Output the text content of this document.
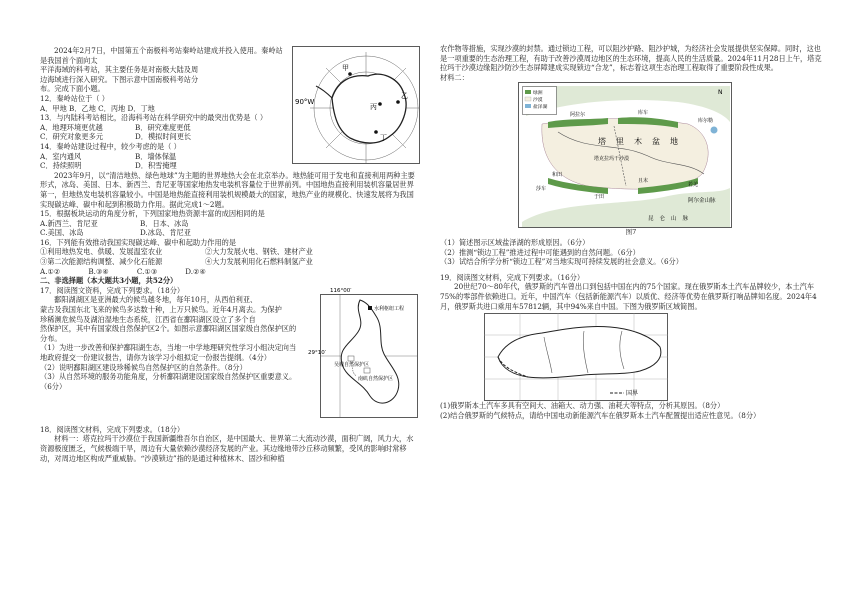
90°W
甲
乙
丙
丁

2024年2月7日，中国第五个南极科考站秦岭站建成并投入使用。秦岭站是我国首个面向太

平洋海域的科考站，其主要任务是对南极大陆及周

边海域进行深入研究。下图示意中国南极科考站分

布。完成下面小题。

12．秦岭站位于（ ）

A．甲地 B．乙地 C．丙地 D．丁地

13．与内陆科考站相比，沿海科考站在科学研究中的最突出优势是（ ）

A．地理环境更优越	B．研究难度更低
C．研究对象更多元	D．模拟时间更长

14．秦岭站建设过程中，较少考虑的是（ ）

A．室内通风	B．墙体保温
C．持续照明	D．积雪掩埋

2023年9月，以“清洁地热、绿色地球”为主题的世界地热大会在北京举办。地热能可用于发电和直接利用两种主要形式，冰岛、美国、日本、新西兰、肯尼亚等国家地热发电装机容量位于世界前列。中国地热直接利用装机容量居世界第一，但地热发电装机容量较小。中国是地热能直接利用装机规模最大的国家，地热产业的规模化、快速发展将为我国实现碳达峰、碳中和起到积极助力作用。据此完成1～2题。

15．根据板块运动的角度分析，下列国家地热资源丰富的成因相同的是

A.新西兰、肯尼亚	B．日本、冰岛
C.美国、冰岛	D.冰岛、肯尼亚

16．下列能有效推动我国实现碳达峰、碳中和起助力作用的是

①利用地热发电、供暖、发展温室农业	②大力发展火电、钢铁、建材产业
③第二次能源结构调整、减少化石能源	④大力发展利用化石燃料制氢产业
A.①②	B.③④	C.①③	D.②④

二、非选择题（本大题共3小题，共52分）

116°00′
29°10′
水利枢纽工程
吴城自然保护区
南矶自然保护区

17．阅读图文资料，完成下列要求。（18分）

鄱阳湖湖区是亚洲最大的候鸟越冬地，每年10月，从西伯利亚、

蒙古及我国东北飞来的候鸟多达数十种，上万只候鸟。近年4月离去。为保护

珍稀濒危候鸟及湖泊湿地生态系统，江西省在鄱阳湖区设立了多个自

然保护区，其中有国家级自然保护区2个。如图示意鄱阳湖区国家级自然保护区的分布。

（1）为进一步改善和保护鄱阳湖生态，当地一中学地理研究性学习小组决定向当地政府提交一份建议报告，请你为该学习小组拟定一份报告提纲。（4分）

（2）说明鄱阳湖区建设珍稀候鸟自然保护区的自然条件。（8分）

（3）从自然环境的服务功能角度，分析鄱阳湖建设国家级自然保护区重要意义。（6分）

18．阅读图文材料，完成下列要求。（18分）

材料一：塔克拉玛干沙漠位于我国新疆维吾尔自治区，是中国最大、世界第二大流动沙漠，面积广阔，风力大，水资源极度匮乏，气候极端干旱，周边有大量依赖沙漠经济发展的产业。其边缘地带沙丘移动频繁，受风的影响时常移动，对周边地区构成严重威胁。“沙漠锁边”指的是通过种植林木、固沙和种植

农作物等措施，实现沙漠的封禁。通过锁边工程，可以阻沙护路、阻沙护城，为经济社会发展提供坚实保障。同时，这也是一项重要的生态治理工程，有助于改善沙漠周边地区的生态环境，提高人民的生活质量。2024年11月28日上午，塔克拉玛干沙漠边缘阻沙防沙生态屏障建成实现锁边“合龙”，标志着这项生态治理工程取得了重要阶段性成果。

材料二：

绿洲
沙漠
盐泽湖
阿拉尔	库车
和田
塔里木盆地
昆仑山脉
塔克拉玛干沙漠
莎车
于田
若羌
且末
阿尔金山脉
库尔勒
N

图7

（1）简述图示区域盐泽湖的形成原因。（6分）

（2）推测“锁边工程”推进过程中可能遇到的自然问题。（6分）

（3）试结合所学分析“锁边工程”对当地实现可持续发展的社会意义。（6分）

19．阅读图文材料，完成下列要求。（16分）

20世纪70～80年代，俄罗斯的汽车曾出口到包括中国在内的75个国家。现在俄罗斯本土汽车品牌较少，本土汽车75%的零部件依赖进口。近年，中国汽车（包括新能源汽车）以质优、经济等优势在俄罗斯打响品牌知名度。2024年4月，俄罗斯共进口乘用车57812辆，其中94%来自中国。下图为俄罗斯区域简图。

国界

(1)俄罗斯本土汽车多具有空间大、油箱大、动力强、油耗大等特点，分析其原因。（8分）

(2)结合俄罗斯的气候特点，请给中国电动新能源汽车在俄罗斯本土汽车配置提出适应性意见。（8分）
